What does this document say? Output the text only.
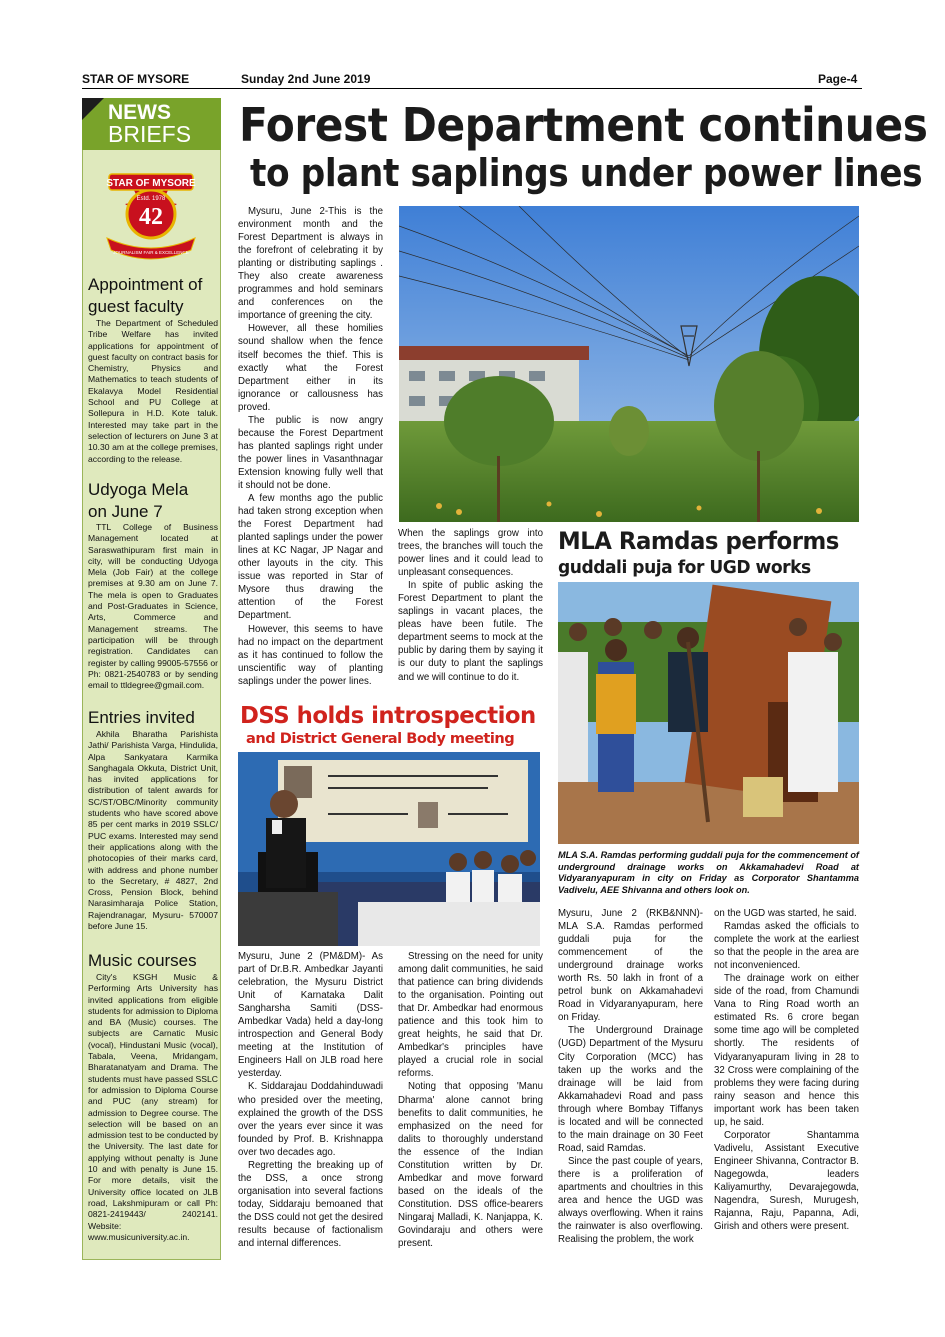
STAR OF MYSORE	Sunday 2nd June 2019	Page-4
NEWS
BRIEFS
STAR OF MYSORE
Estd. 1978
42
JOURNALISM FAIR & EXCELLENCE
Appointment of
guest faculty
The Department of Scheduled Tribe Welfare has invited applications for appointment of guest faculty on contract basis for Chemistry, Physics and Mathematics to teach students of Ekalavya Model Residential School and PU College at Sollepura in H.D. Kote taluk. Interested may take part in the selection of lecturers on June 3 at 10.30 am at the college premises, according to the release.
Udyoga Mela
on June 7
TTL College of Business Management located at Saraswathipuram first main in city, will be conducting Udyoga Mela (Job Fair) at the college premises at 9.30 am on June 7. The mela is open to Graduates and Post-Graduates in Science, Arts, Commerce and Management streams. The participation will be through registration. Candidates can register by calling 99005-57556 or Ph: 0821-2540783 or by sending email to ttldegree@gmail.com.
Entries invited
Akhila Bharatha Parishista Jathi/ Parishista Varga, Hindulida, Alpa Sankyatara Karmika Sanghagala Okkuta, District Unit, has invited applications for distribution of talent awards for SC/ST/OBC/Minority community students who have scored above 85 per cent marks in 2019 SSLC/ PUC exams. Interested may send their applications along with the photocopies of their marks card, with address and phone number to the Secretary, # 4827, 2nd Cross, Pension Block, behind Narasimharaja Police Station, Rajendranagar, Mysuru- 570007 before June 15.
Music courses
City's KSGH Music & Performing Arts University has invited applications from eligible students for admission to Diploma and BA (Music) courses. The subjects are Carnatic Music (vocal), Hindustani Music (vocal), Tabala, Veena, Mridangam, Bharatanatyam and Drama. The students must have passed SSLC for admission to Diploma Course and PUC (any stream) for admission to Degree course. The selection will be based on an admission test to be conducted by the University. The last date for applying without penalty is June 10 and with penalty is June 15. For more details, visit the University office located on JLB road, Lakshmipuram or call Ph: 0821-2419443/ 2402141. Website: www.musicuniversity.ac.in.
Forest Department continues
to plant saplings under power lines

Mysuru, June 2-This is the environment month and the Forest Department is always in the forefront of celebrating it by planting or distributing saplings . They also create awareness programmes and hold seminars and conferences on the importance of greening the city.

However, all these homilies sound shallow when the fence itself becomes the thief. This is exactly what the Forest Department either in its ignorance or callousness has proved.

The public is now angry because the Forest Department has planted saplings right under the power lines in Vasanthnagar Extension knowing fully well that it should not be done.

A few months ago the public had taken strong exception when the Forest Department had planted saplings under the power lines at KC Nagar, JP Nagar and other layouts in the city. This issue was reported in Star of Mysore thus drawing the attention of the Forest Department.

However, this seems to have had no impact on the department as it has continued to follow the unscientific way of planting saplings under the power lines.

When the saplings grow into trees, the branches will touch the power lines and it could lead to unpleasant consequences.

In spite of public asking the Forest Department to plant the saplings in vacant places, the pleas have been futile. The department seems to mock at the public by daring them by saying it is our duty to plant the saplings and we will continue to do it.

DSS holds introspection
and District General Body meeting

Mysuru, June 2 (PM&DM)- As part of Dr.B.R. Ambedkar Jayanti celebration, the Mysuru District Unit of Karnataka Dalit Sangharsha Samiti (DSS-Ambedkar Vada) held a day-long introspection and General Body meeting at the Institution of Engineers Hall on JLB road here yesterday.

K. Siddarajau Doddahinduwadi who presided over the meeting, explained the growth of the DSS over the years ever since it was founded by Prof. B. Krishnappa over two decades ago.

Regretting the breaking up of the DSS, a once strong organisation into several factions today, Siddaraju bemoaned that the DSS could not get the desired results because of factionalism and internal differences.

Stressing on the need for unity among dalit communities, he said that patience can bring dividends to the organisation. Pointing out that Dr. Ambedkar had enormous patience and this took him to great heights, he said that Dr. Ambedkar's principles have played a crucial role in social reforms.

Noting that opposing 'Manu Dharma' alone cannot bring benefits to dalit communities, he emphasized on the need for dalits to thoroughly understand the essence of the Indian Constitution written by Dr. Ambedkar and move forward based on the ideals of the Constitution. DSS office-bearers Ningaraj Malladi, K. Nanjappa, K. Govindaraju and others were present.

MLA Ramdas performs
guddali puja for UGD works
MLA S.A. Ramdas performing guddali puja for the commencement of underground drainage works on Akkamahadevi Road at Vidyaranyapuram in city on Friday as Corporator Shantamma Vadivelu, AEE Shivanna and others look on.

Mysuru, June 2 (RKB&NNN)- MLA S.A. Ramdas performed guddali puja for the commencement of the underground drainage works worth Rs. 50 lakh in front of a petrol bunk on Akkamahadevi Road in Vidyaranyapuram, here on Friday.

The Underground Drainage (UGD) Department of the Mysuru City Corporation (MCC) has taken up the works and the drainage will be laid from Akkamahadevi Road and pass through where Bombay Tiffanys is located and will be connected to the main drainage on 30 Feet Road, said Ramdas.

Since the past couple of years, there is a proliferation of apartments and choultries in this area and hence the UGD was always overflowing. When it rains the rainwater is also overflowing. Realising the problem, the work

on the UGD was started, he said.

Ramdas asked the officials to complete the work at the earliest so that the people in the area are not inconvenienced.

The drainage work on either side of the road, from Chamundi Vana to Ring Road worth an estimated Rs. 6 crore began some time ago will be completed shortly. The residents of Vidyaranyapuram living in 28 to 32 Cross were complaining of the problems they were facing during rainy season and hence this important work has been taken up, he said.

Corporator Shantamma Vadivelu, Assistant Executive Engineer Shivanna, Contractor B. Nagegowda, leaders Kaliyamurthy, Devarajegowda, Nagendra, Suresh, Murugesh, Rajanna, Raju, Papanna, Adi, Girish and others were present.
